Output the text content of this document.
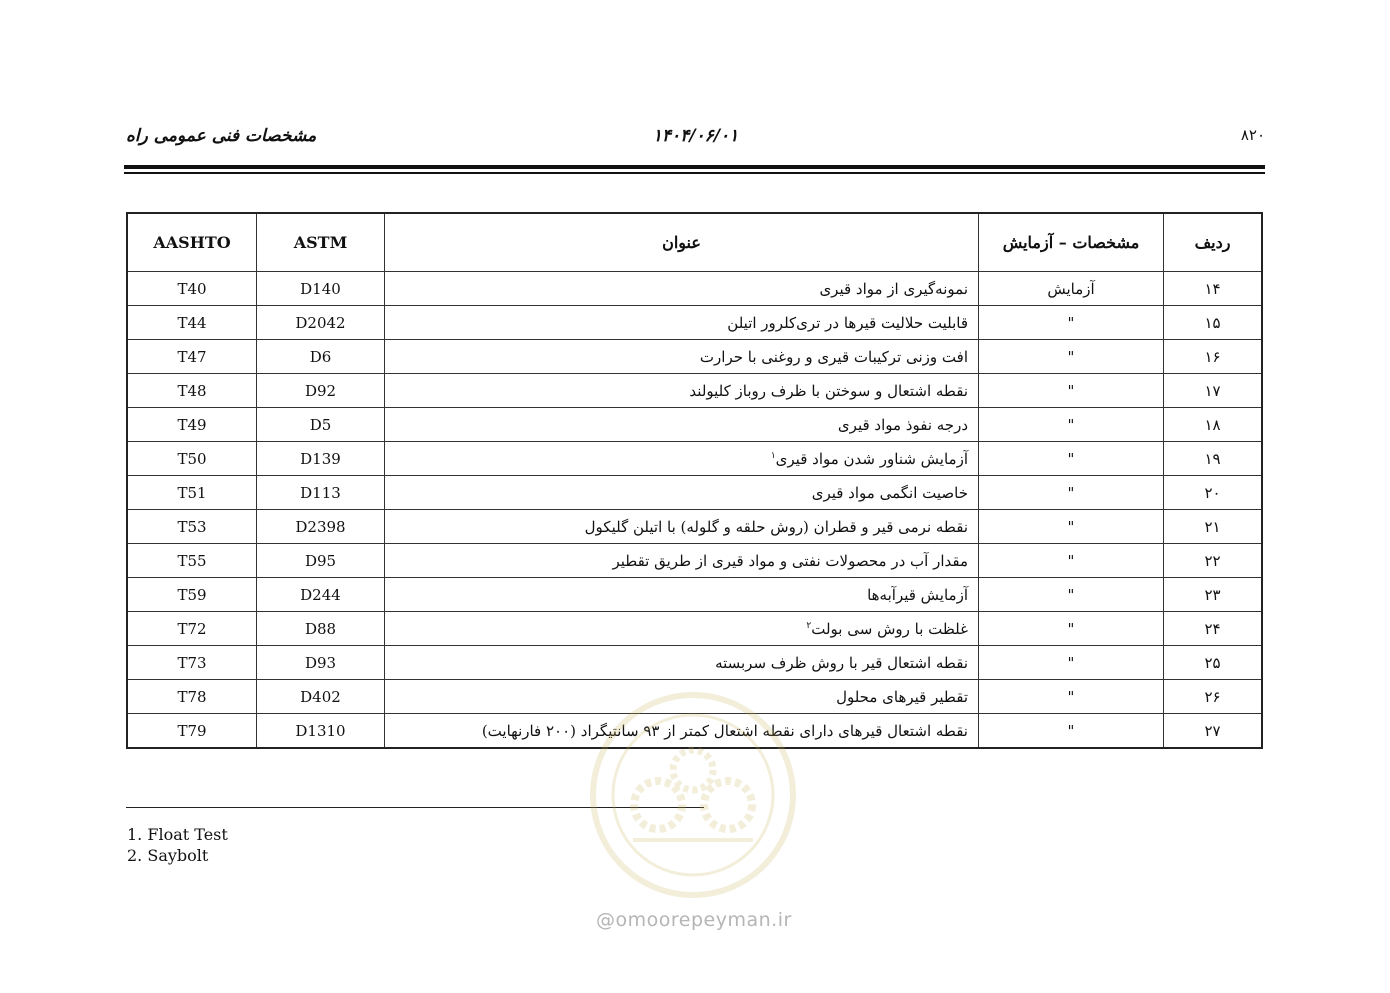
مشخصات فنی عمومی راه	۱۴۰۴/۰۶/۰۱	۸۲۰
ردیف	مشخصات – آزمایش	عنوان	ASTM	AASHTO
۱۴	آزمایش	نمونه‌گیری از مواد قیری	D140	T40
۱۵	"	قابلیت حلالیت قیرها در تری‌کلرور اتیلن	D2042	T44
۱۶	"	افت وزنی ترکیبات قیری و روغنی با حرارت	D6	T47
۱۷	"	نقطه اشتعال و سوختن با ظرف روباز کلیولند	D92	T48
۱۸	"	درجه نفوذ مواد قیری	D5	T49
۱۹	"	آزمایش شناور شدن مواد قیری$^۱$	D139	T50
۲۰	"	خاصیت انگمی مواد قیری	D113	T51
۲۱	"	نقطه نرمی قیر و قطران (روش حلقه و گلوله) با اتیلن گلیکول	D2398	T53
۲۲	"	مقدار آب در محصولات نفتی و مواد قیری از طریق تقطیر	D95	T55
۲۳	"	آزمایش قیرآبه‌ها	D244	T59
۲۴	"	غلظت با روش سی بولت$^۲$	D88	T72
۲۵	"	نقطه اشتعال قیر با روش ظرف سربسته	D93	T73
۲۶	"	تقطیر قیرهای محلول	D402	T78
۲۷	"	نقطه اشتعال قیرهای دارای نقطه اشتعال کمتر از ۹۳ سانتیگراد (۲۰۰ فارنهایت)	D1310	T79
1. Float Test
2. Saybolt
@omoorepeyman.ir
